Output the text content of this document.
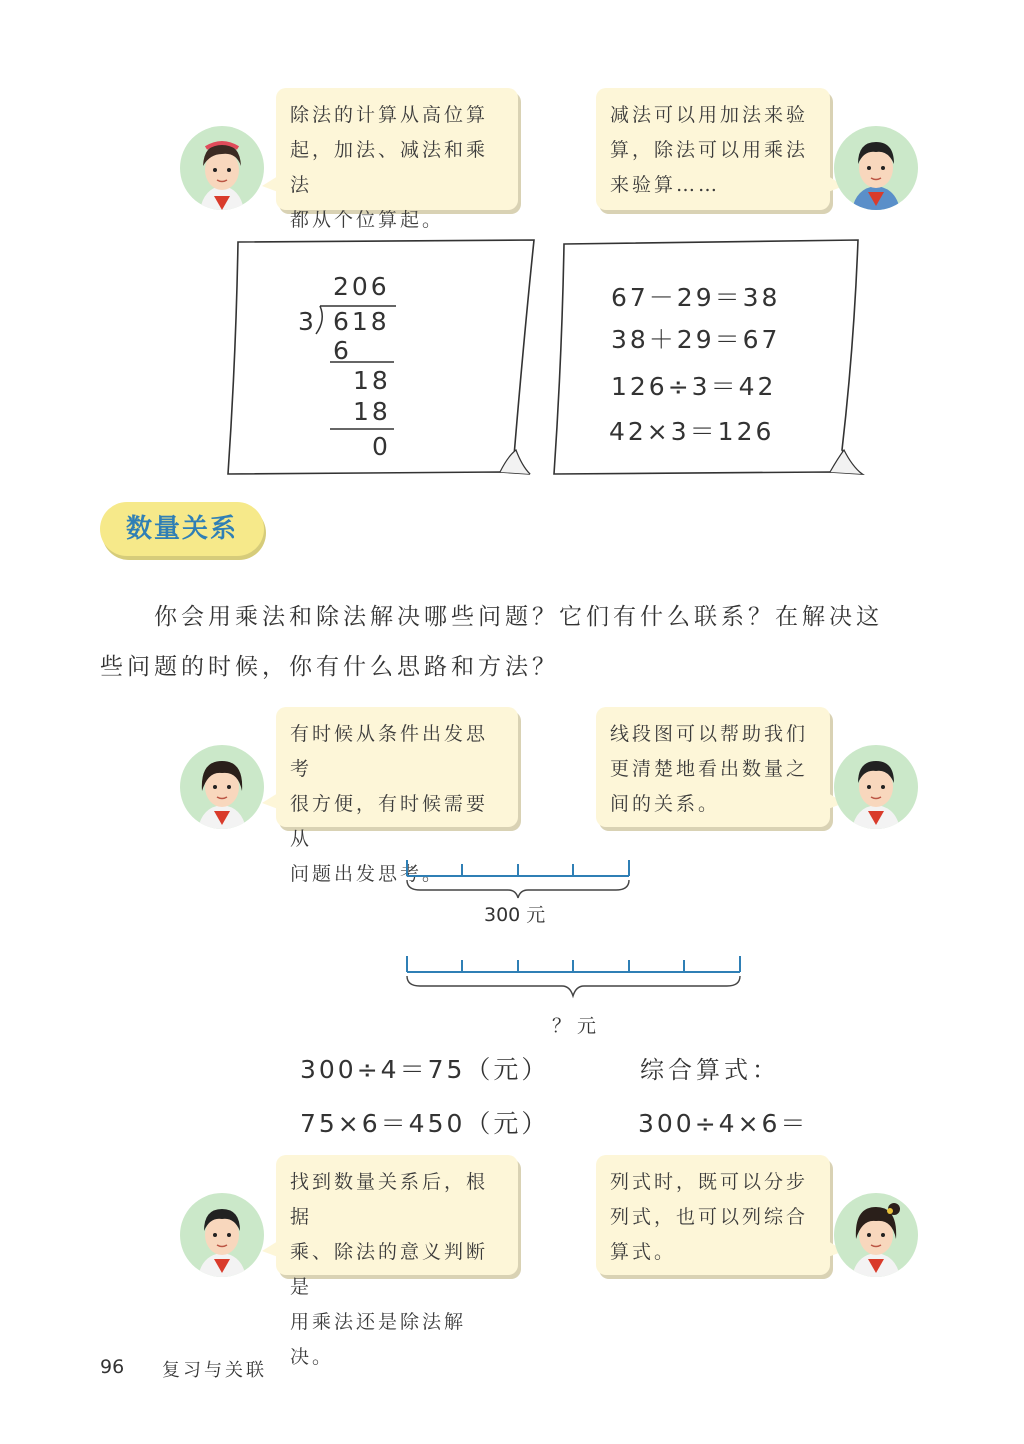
除法的计算从高位算
起，加法、减法和乘法
都从个位算起。
减法可以用加法来验
算，除法可以用乘法
来验算……
206
3 618
6
18
18
0
67－29＝38
38＋29＝67
126÷3＝42
42×3＝126
数量关系
你会用乘法和除法解决哪些问题？它们有什么联系？在解决这
些问题的时候，你有什么思路和方法？
有时候从条件出发思考
很方便，有时候需要从
问题出发思考。
线段图可以帮助我们
更清楚地看出数量之
间的关系。
300 元
？ 元
300÷4＝75（元）
75×6＝450（元）
综合算式：
300÷4×6＝
找到数量关系后，根据
乘、除法的意义判断是
用乘法还是除法解决。
列式时，既可以分步
列式，也可以列综合
算式。
96 复习与关联
